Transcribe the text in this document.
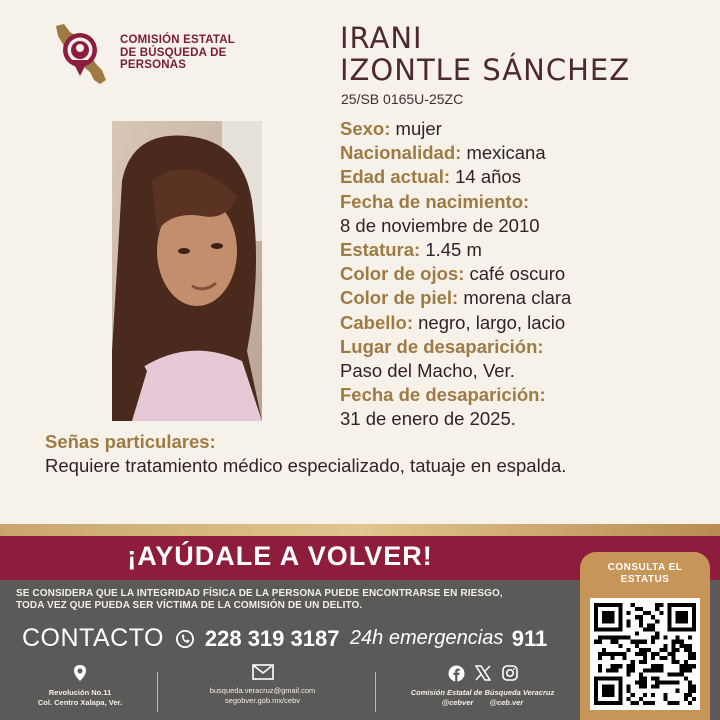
COMISIÓN ESTATAL
DE BÚSQUEDA DE
PERSONAS
IRANI
IZONTLE SÁNCHEZ
25/SB 0165U-25ZC
Sexo: mujer
Nacionalidad: mexicana
Edad actual: 14 años
Fecha de nacimiento:
8 de noviembre de 2010
Estatura: 1.45 m
Color de ojos: café oscuro
Color de piel: morena clara
Cabello: negro, largo, lacio
Lugar de desaparición:
Paso del Macho, Ver.
Fecha de desaparición:
31 de enero de 2025.
Señas particulares:
Requiere tratamiento médico especializado, tatuaje en espalda.
¡AYÚDALE A VOLVER!
SE CONSIDERA QUE LA INTEGRIDAD FÍSICA DE LA PERSONA PUEDE ENCONTRARSE EN RIESGO,
TODA VEZ QUE PUEDA SER VÍCTIMA DE LA COMISIÓN DE UN DELITO.
CONTACTO 228 319 3187 24h emergencias 911
Revolución No.11
Col. Centro Xalapa, Ver.
busqueda.veracruz@gmail.com
segobver.gob.mx/cebv
Comisión Estatal de Búsqueda Veracruz
@cebver @ceb.ver
CONSULTA EL
ESTATUS
